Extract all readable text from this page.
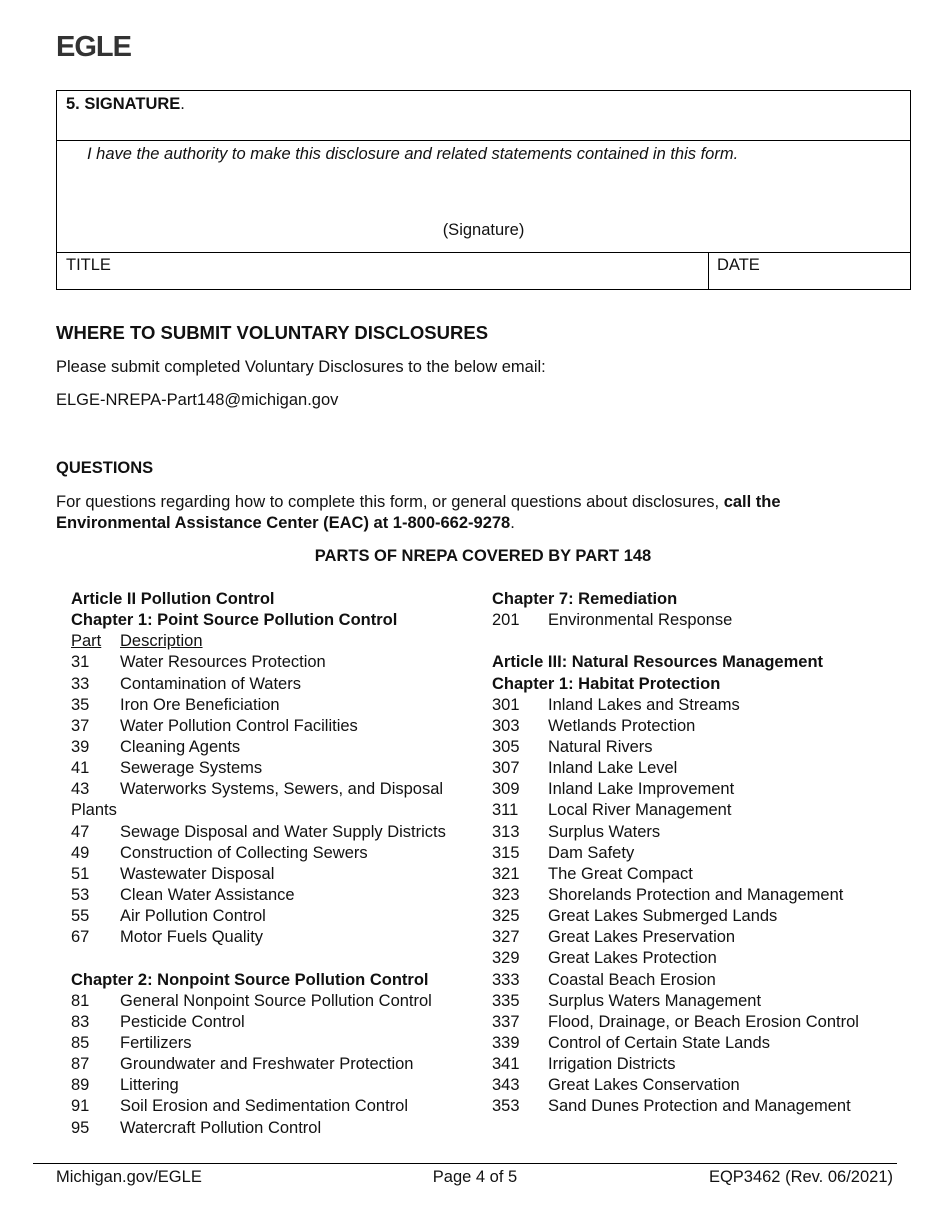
EGLE
5. SIGNATURE.
I have the authority to make this disclosure and related statements contained in this form.
(Signature)
TITLE	DATE
WHERE TO SUBMIT VOLUNTARY DISCLOSURES
Please submit completed Voluntary Disclosures to the below email:
ELGE-NREPA-Part148@michigan.gov
QUESTIONS
For questions regarding how to complete this form, or general questions about disclosures, call the Environmental Assistance Center (EAC) at 1-800-662-9278.
PARTS OF NREPA COVERED BY PART 148
Article II Pollution Control
Chapter 1: Point Source Pollution Control
Part	Description
31	Water Resources Protection
33	Contamination of Waters
35	Iron Ore Beneficiation
37	Water Pollution Control Facilities
39	Cleaning Agents
41	Sewerage Systems
43	Waterworks Systems, Sewers, and Disposal
Plants
47	Sewage Disposal and Water Supply Districts
49	Construction of Collecting Sewers
51	Wastewater Disposal
53	Clean Water Assistance
55	Air Pollution Control
67	Motor Fuels Quality
Chapter 2: Nonpoint Source Pollution Control
81	General Nonpoint Source Pollution Control
83	Pesticide Control
85	Fertilizers
87	Groundwater and Freshwater Protection
89	Littering
91	Soil Erosion and Sedimentation Control
95	Watercraft Pollution Control
Chapter 7: Remediation
201	Environmental Response
Article III: Natural Resources Management
Chapter 1: Habitat Protection
301	Inland Lakes and Streams
303	Wetlands Protection
305	Natural Rivers
307	Inland Lake Level
309	Inland Lake Improvement
311	Local River Management
313	Surplus Waters
315	Dam Safety
321	The Great Compact
323	Shorelands Protection and Management
325	Great Lakes Submerged Lands
327	Great Lakes Preservation
329	Great Lakes Protection
333	Coastal Beach Erosion
335	Surplus Waters Management
337	Flood, Drainage, or Beach Erosion Control
339	Control of Certain State Lands
341	Irrigation Districts
343	Great Lakes Conservation
353	Sand Dunes Protection and Management
Michigan.gov/EGLE	Page 4 of 5	EQP3462 (Rev. 06/2021)
